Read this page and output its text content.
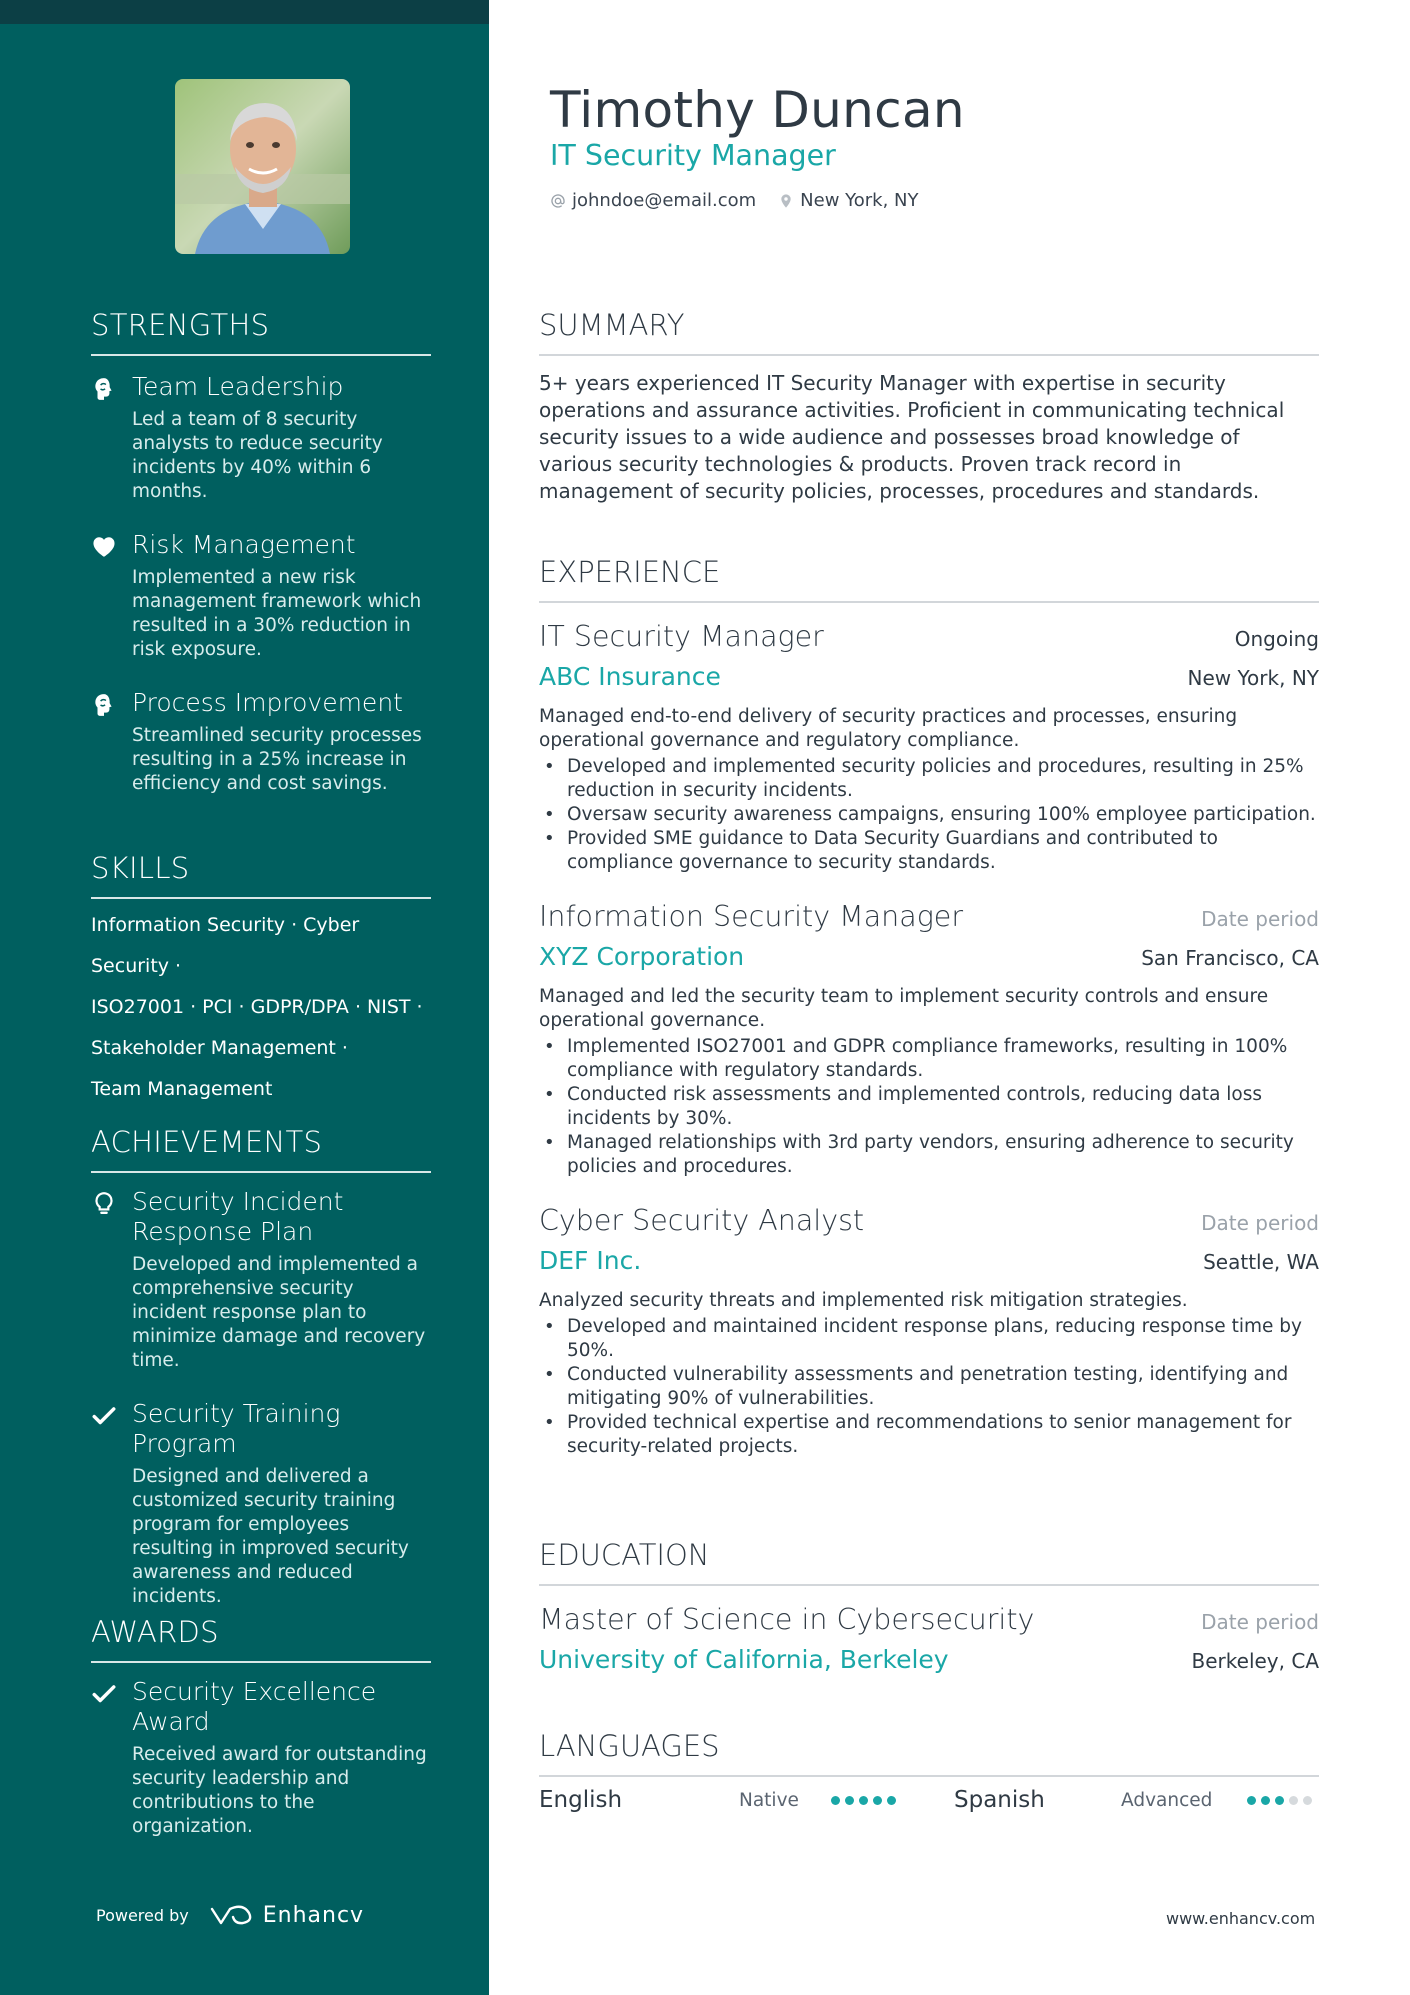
STRENGTHS
Team Leadership
Led a team of 8 security analysts to reduce security incidents by 40% within 6 months.
Risk Management
Implemented a new risk management framework which resulted in a 30% reduction in risk exposure.
Process Improvement
Streamlined security processes resulting in a 25% increase in efficiency and cost savings.
SKILLS
Information Security · Cyber Security ·
ISO27001 · PCI · GDPR/DPA · NIST ·
Stakeholder Management ·
Team Management
ACHIEVEMENTS
Security Incident Response Plan
Developed and implemented a comprehensive security incident response plan to minimize damage and recovery time.
Security Training Program
Designed and delivered a customized security training program for employees resulting in improved security awareness and reduced incidents.
AWARDS
Security Excellence Award
Received award for outstanding security leadership and contributions to the organization.
Powered by	Enhancv
Timothy Duncan
IT Security Manager
johndoe@email.com New York, NY
SUMMARY
5+ years experienced IT Security Manager with expertise in security operations and assurance activities. Proficient in communicating technical security issues to a wide audience and possesses broad knowledge of various security technologies & products. Proven track record in management of security policies, processes, procedures and standards.
EXPERIENCE
IT Security Manager	Ongoing
ABC Insurance	New York, NY
Managed end-to-end delivery of security practices and processes, ensuring operational governance and regulatory compliance.
• Developed and implemented security policies and procedures, resulting in 25% reduction in security incidents.
• Oversaw security awareness campaigns, ensuring 100% employee participation.
• Provided SME guidance to Data Security Guardians and contributed to compliance governance to security standards.
Information Security Manager	Date period
XYZ Corporation	San Francisco, CA
Managed and led the security team to implement security controls and ensure operational governance.
• Implemented ISO27001 and GDPR compliance frameworks, resulting in 100% compliance with regulatory standards.
• Conducted risk assessments and implemented controls, reducing data loss incidents by 30%.
• Managed relationships with 3rd party vendors, ensuring adherence to security policies and procedures.
Cyber Security Analyst	Date period
DEF Inc.	Seattle, WA
Analyzed security threats and implemented risk mitigation strategies.
• Developed and maintained incident response plans, reducing response time by 50%.
• Conducted vulnerability assessments and penetration testing, identifying and mitigating 90% of vulnerabilities.
• Provided technical expertise and recommendations to senior management for security-related projects.
EDUCATION
Master of Science in Cybersecurity	Date period
University of California, Berkeley	Berkeley, CA
LANGUAGES
English	Native	Spanish	Advanced
www.enhancv.com
